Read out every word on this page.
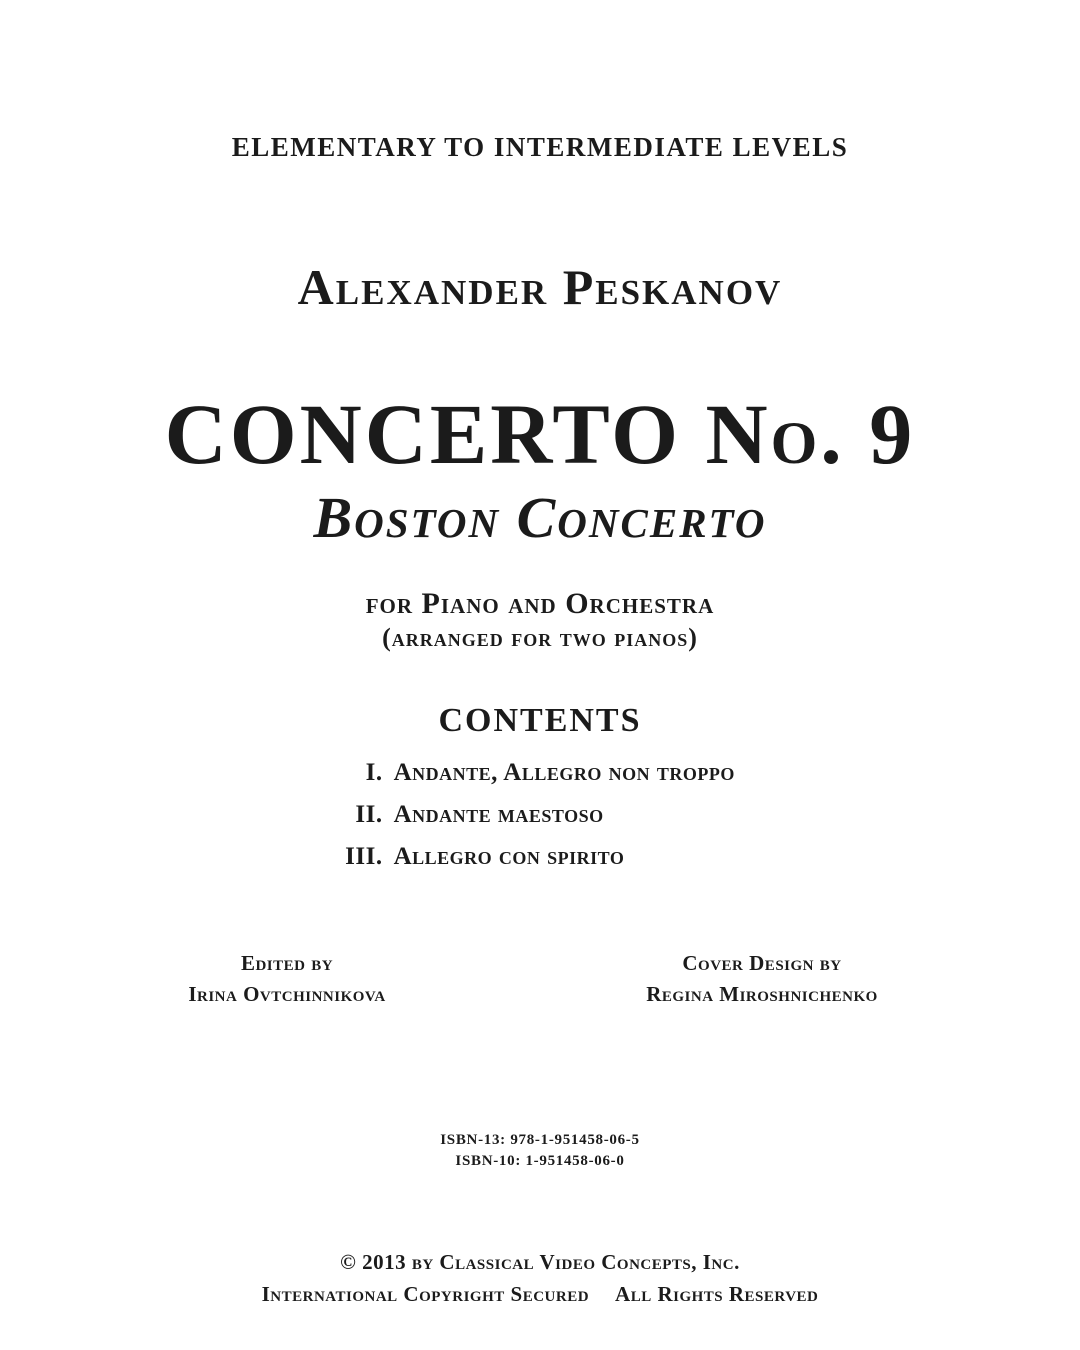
ELEMENTARY TO INTERMEDIATE LEVELS
Alexander Peskanov
CONCERTO No. 9
Boston Concerto
for Piano and Orchestra
(arranged for two pianos)
CONTENTS
I. Andante, Allegro non troppo
II. Andante maestoso
III. Allegro con spirito
Edited by
Irina Ovtchinnikova
Cover Design by
Regina Miroshnichenko
ISBN-13: 978-1-951458-06-5
ISBN-10: 1-951458-06-0
© 2013 by Classical Video Concepts, Inc.
International Copyright Secured All Rights Reserved
